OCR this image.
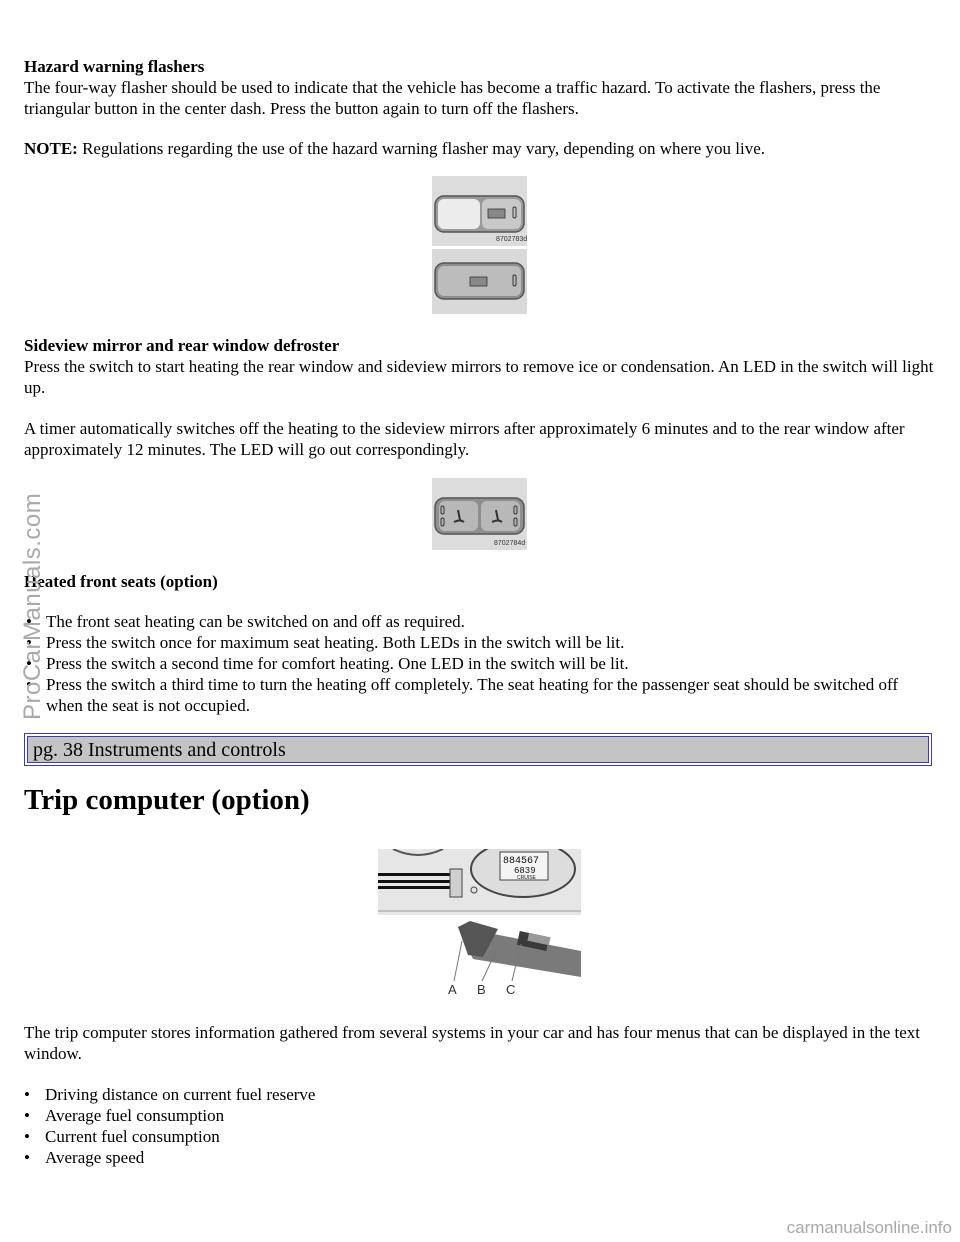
Hazard warning flashers

The four-way flasher should be used to indicate that the vehicle has become a traffic hazard. To activate the flashers, press the triangular button in the center dash. Press the button again to turn off the flashers.

NOTE: Regulations regarding the use of the hazard warning flasher may vary, depending on where you live.

8702783d

Sideview mirror and rear window defroster

Press the switch to start heating the rear window and sideview mirrors to remove ice or condensation. An LED in the switch will light up.

A timer automatically switches off the heating to the sideview mirrors after approximately 6 minutes and to the rear window after approximately 12 minutes. The LED will go out correspondingly.

8702784d

Heated front seats (option)

• The front seat heating can be switched on and off as required.
• Press the switch once for maximum seat heating. Both LEDs in the switch will be lit.
• Press the switch a second time for comfort heating. One LED in the switch will be lit.
• Press the switch a third time to turn the heating off completely. The seat heating for the passenger seat should be switched off when the seat is not occupied.
pg. 38 Instruments and controls
Trip computer (option)
884567
6839
CRUISE
A B C

The trip computer stores information gathered from several systems in your car and has four menus that can be displayed in the text window.

• Driving distance on current fuel reserve
• Average fuel consumption
• Current fuel consumption
• Average speed
ProCarManuals.com
carmanualsonline.info
